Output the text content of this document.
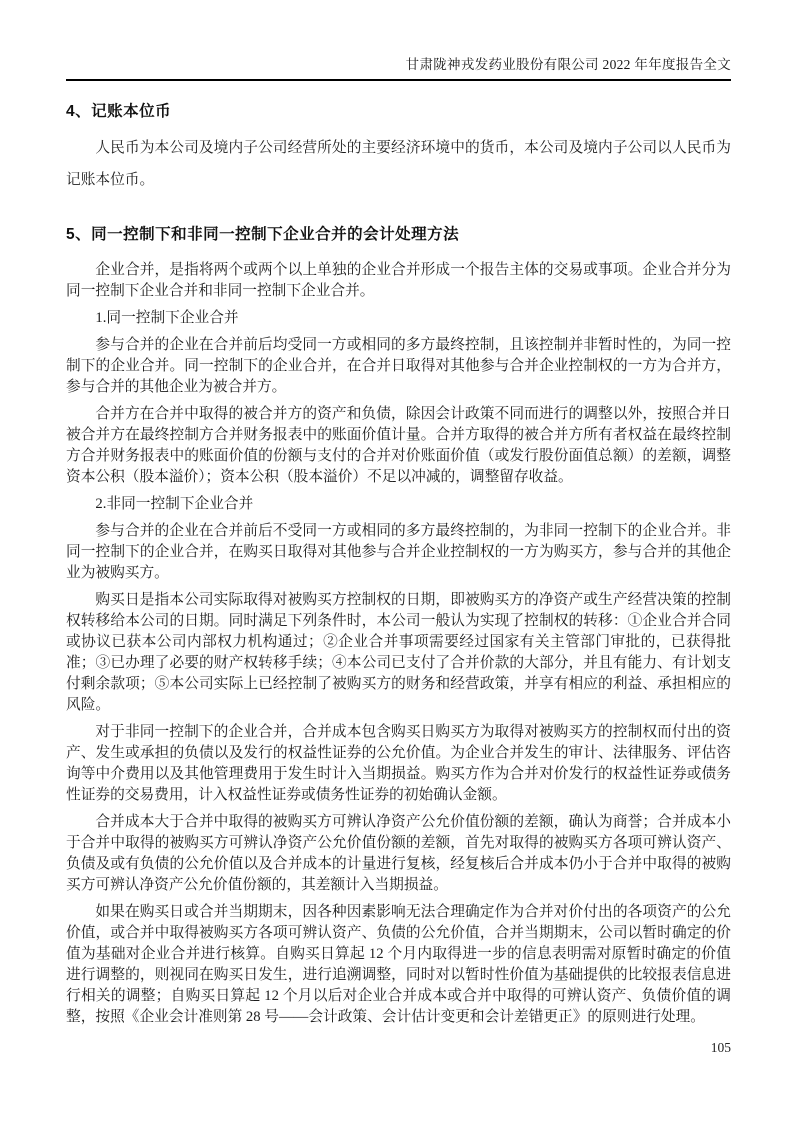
甘肃陇神戎发药业股份有限公司 2022 年年度报告全文
4、记账本位币

人民币为本公司及境内子公司经营所处的主要经济环境中的货币，本公司及境内子公司以人民币为记账本位币。

5、同一控制下和非同一控制下企业合并的会计处理方法

企业合并，是指将两个或两个以上单独的企业合并形成一个报告主体的交易或事项。企业合并分为同一控制下企业合并和非同一控制下企业合并。

1.同一控制下企业合并

参与合并的企业在合并前后均受同一方或相同的多方最终控制，且该控制并非暂时性的，为同一控制下的企业合并。同一控制下的企业合并，在合并日取得对其他参与合并企业控制权的一方为合并方，参与合并的其他企业为被合并方。

合并方在合并中取得的被合并方的资产和负债，除因会计政策不同而进行的调整以外，按照合并日被合并方在最终控制方合并财务报表中的账面价值计量。合并方取得的被合并方所有者权益在最终控制方合并财务报表中的账面价值的份额与支付的合并对价账面价值（或发行股份面值总额）的差额，调整资本公积（股本溢价）；资本公积（股本溢价）不足以冲减的，调整留存收益。

2.非同一控制下企业合并

参与合并的企业在合并前后不受同一方或相同的多方最终控制的，为非同一控制下的企业合并。非同一控制下的企业合并，在购买日取得对其他参与合并企业控制权的一方为购买方，参与合并的其他企业为被购买方。

购买日是指本公司实际取得对被购买方控制权的日期，即被购买方的净资产或生产经营决策的控制权转移给本公司的日期。同时满足下列条件时，本公司一般认为实现了控制权的转移：①企业合并合同或协议已获本公司内部权力机构通过；②企业合并事项需要经过国家有关主管部门审批的，已获得批准；③已办理了必要的财产权转移手续；④本公司已支付了合并价款的大部分，并且有能力、有计划支付剩余款项；⑤本公司实际上已经控制了被购买方的财务和经营政策，并享有相应的利益、承担相应的风险。

对于非同一控制下的企业合并，合并成本包含购买日购买方为取得对被购买方的控制权而付出的资产、发生或承担的负债以及发行的权益性证券的公允价值。为企业合并发生的审计、法律服务、评估咨询等中介费用以及其他管理费用于发生时计入当期损益。购买方作为合并对价发行的权益性证券或债务性证券的交易费用，计入权益性证券或债务性证券的初始确认金额。

合并成本大于合并中取得的被购买方可辨认净资产公允价值份额的差额，确认为商誉；合并成本小于合并中取得的被购买方可辨认净资产公允价值份额的差额，首先对取得的被购买方各项可辨认资产、负债及或有负债的公允价值以及合并成本的计量进行复核，经复核后合并成本仍小于合并中取得的被购买方可辨认净资产公允价值份额的，其差额计入当期损益。

如果在购买日或合并当期期末，因各种因素影响无法合理确定作为合并对价付出的各项资产的公允价值，或合并中取得被购买方各项可辨认资产、负债的公允价值，合并当期期末，公司以暂时确定的价值为基础对企业合并进行核算。自购买日算起 12 个月内取得进一步的信息表明需对原暂时确定的价值进行调整的，则视同在购买日发生，进行追溯调整，同时对以暂时性价值为基础提供的比较报表信息进行相关的调整；自购买日算起 12 个月以后对企业合并成本或合并中取得的可辨认资产、负债价值的调整，按照《企业会计准则第 28 号——会计政策、会计估计变更和会计差错更正》的原则进行处理。

105
